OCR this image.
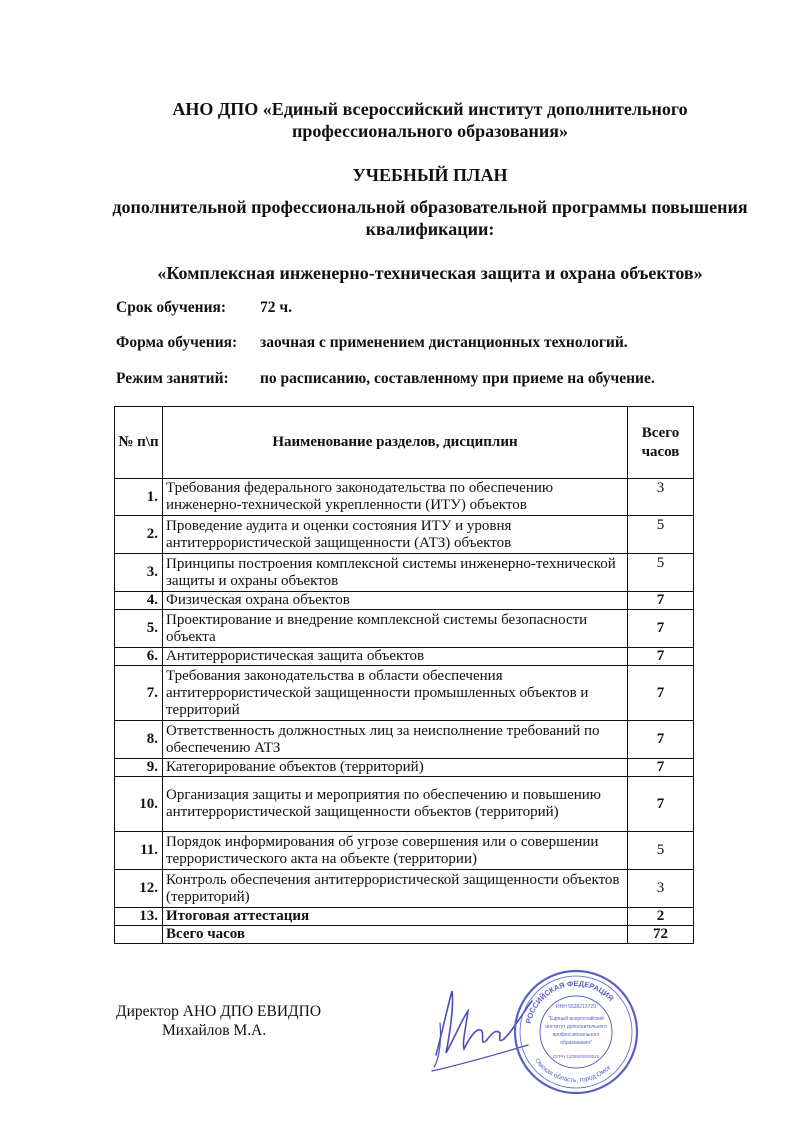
АНО ДПО «Единый всероссийский институт дополнительного профессионального образования»
УЧЕБНЫЙ ПЛАН
дополнительной профессиональной образовательной программы повышения квалификации:
«Комплексная инженерно-техническая защита и охрана объектов»
Срок обучения: 72 ч.
Форма обучения: заочная с применением дистанционных технологий.
Режим занятий: по расписанию, составленному при приеме на обучение.
№ п\п	Наименование разделов, дисциплин	Всего часов
1.	Требования федерального законодательства по обеспечению инженерно-технической укрепленности (ИТУ) объектов	3
2.	Проведение аудита и оценки состояния ИТУ и уровня антитеррористической защищенности (АТЗ) объектов	5
3.	Принципы построения комплексной системы инженерно-технической защиты и охраны объектов	5
4.	Физическая охрана объектов	7
5.	Проектирование и внедрение комплексной системы безопасности объекта	7
6.	Антитеррористическая защита объектов	7
7.	Требования законодательства в области обеспечения антитеррористической защищенности промышленных объектов и территорий	7
8.	Ответственность должностных лиц за неисполнение требований по обеспечению АТЗ	7
9.	Категорирование объектов (территорий)	7
10.	Организация защиты и мероприятия по обеспечению и повышению антитеррористической защищенности объектов (территорий)	7
11.	Порядок информирования об угрозе совершения или о совершении террористического акта на объекте (территории)	5
12.	Контроль обеспечения антитеррористической защищенности объектов (территорий)	3
13.	Итоговая аттестация	2
	Всего часов	72
Директор АНО ДПО ЕВИДПО
Михайлов М.А.
РОССИЙСКАЯ ФЕДЕРАЦИЯ
Омская область, город Омск
ИНН 5528213720
"Единый всероссийский
институт дополнительного
профессионального
образования"
ОГРН 1205500000515
